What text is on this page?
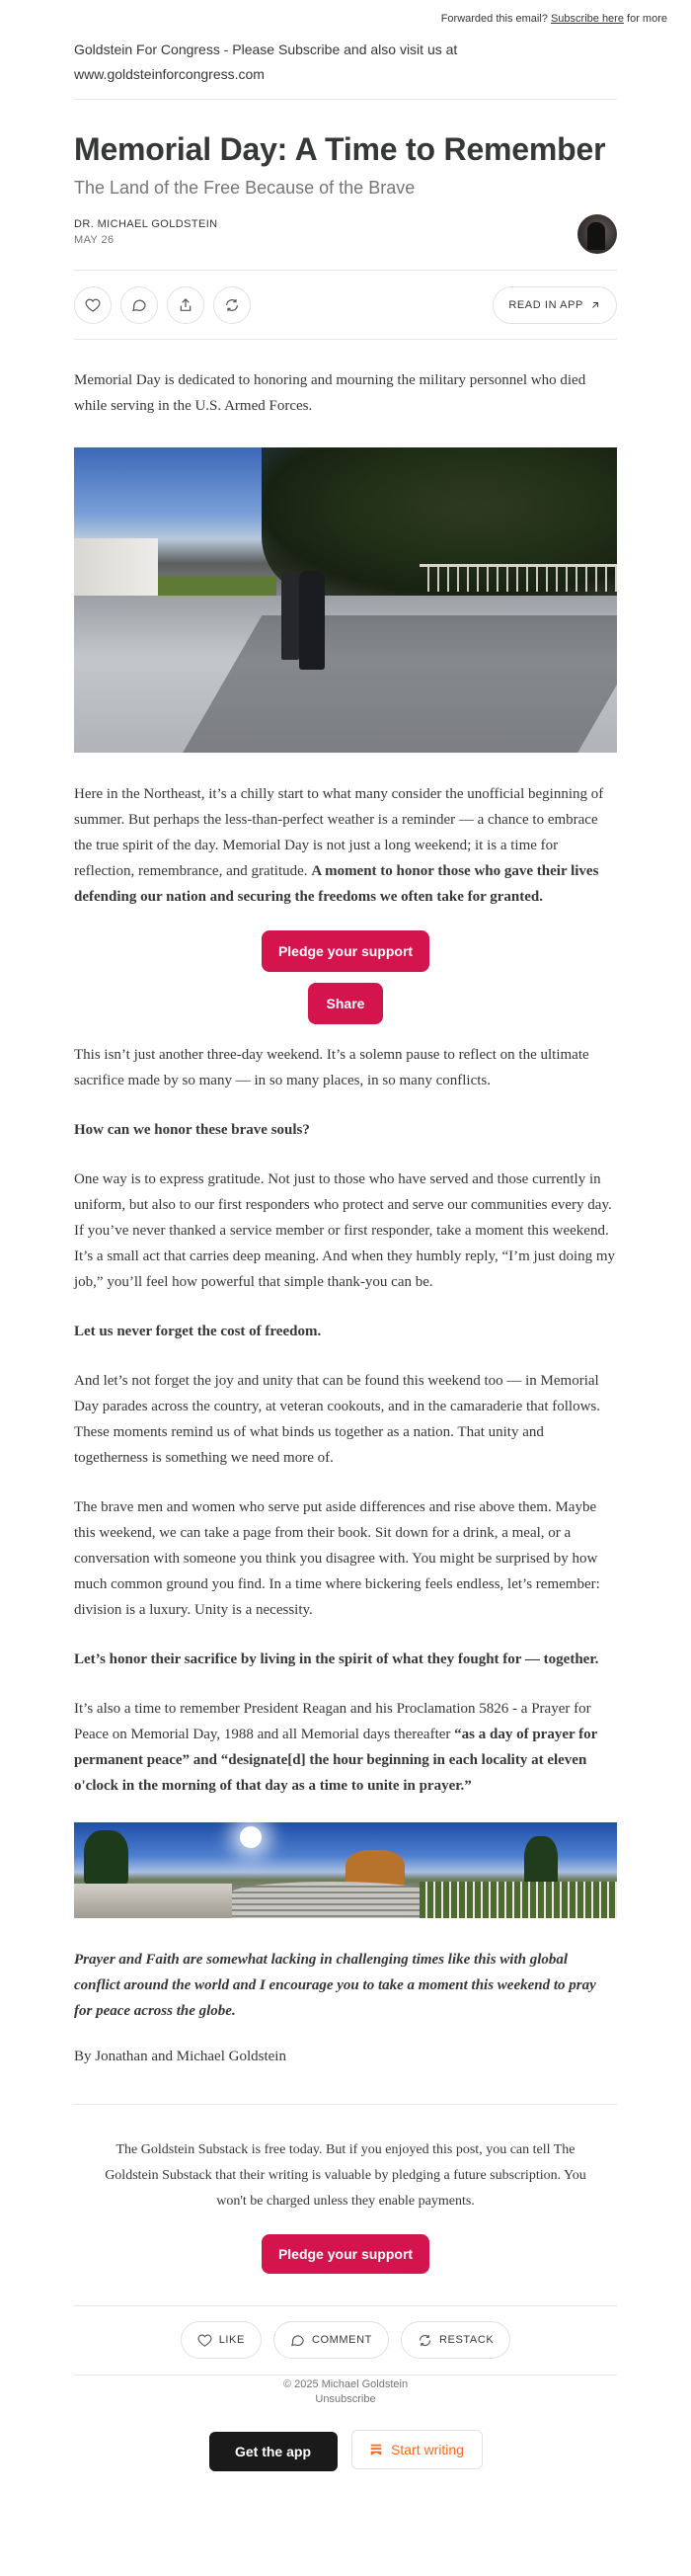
Forwarded this email? Subscribe here for more
Goldstein For Congress - Please Subscribe and also visit us at www.goldsteinforcongress.com
Memorial Day: A Time to Remember
The Land of the Free Because of the Brave
DR. MICHAEL GOLDSTEIN
MAY 26
READ IN APP

Memorial Day is dedicated to honoring and mourning the military personnel who died while serving in the U.S. Armed Forces.

Here in the Northeast, it’s a chilly start to what many consider the unofficial beginning of summer. But perhaps the less-than-perfect weather is a reminder — a chance to embrace the true spirit of the day. Memorial Day is not just a long weekend; it is a time for reflection, remembrance, and gratitude. A moment to honor those who gave their lives defending our nation and securing the freedoms we often take for granted.

Pledge your support
Share

This isn’t just another three-day weekend. It’s a solemn pause to reflect on the ultimate sacrifice made by so many — in so many places, in so many conflicts.

How can we honor these brave souls?

One way is to express gratitude. Not just to those who have served and those currently in uniform, but also to our first responders who protect and serve our communities every day. If you’ve never thanked a service member or first responder, take a moment this weekend. It’s a small act that carries deep meaning. And when they humbly reply, “I’m just doing my job,” you’ll feel how powerful that simple thank-you can be.

Let us never forget the cost of freedom.

And let’s not forget the joy and unity that can be found this weekend too — in Memorial Day parades across the country, at veteran cookouts, and in the camaraderie that follows. These moments remind us of what binds us together as a nation. That unity and togetherness is something we need more of.

The brave men and women who serve put aside differences and rise above them. Maybe this weekend, we can take a page from their book. Sit down for a drink, a meal, or a conversation with someone you think you disagree with. You might be surprised by how much common ground you find. In a time where bickering feels endless, let’s remember: division is a luxury. Unity is a necessity.

Let’s honor their sacrifice by living in the spirit of what they fought for — together.

It’s also a time to remember President Reagan and his Proclamation 5826 - a Prayer for Peace on Memorial Day, 1988 and all Memorial days thereafter “as a day of prayer for permanent peace” and “designate[d] the hour beginning in each locality at eleven o'clock in the morning of that day as a time to unite in prayer.”

Prayer and Faith are somewhat lacking in challenging times like this with global conflict around the world and I encourage you to take a moment this weekend to pray for peace across the globe.

By Jonathan and Michael Goldstein

The Goldstein Substack is free today. But if you enjoyed this post, you can tell The Goldstein Substack that their writing is valuable by pledging a future subscription. You won't be charged unless they enable payments.

Pledge your support
LIKE
	COMMENT
	RESTACK
© 2025 Michael Goldstein
Unsubscribe
Get the app	Start writing
